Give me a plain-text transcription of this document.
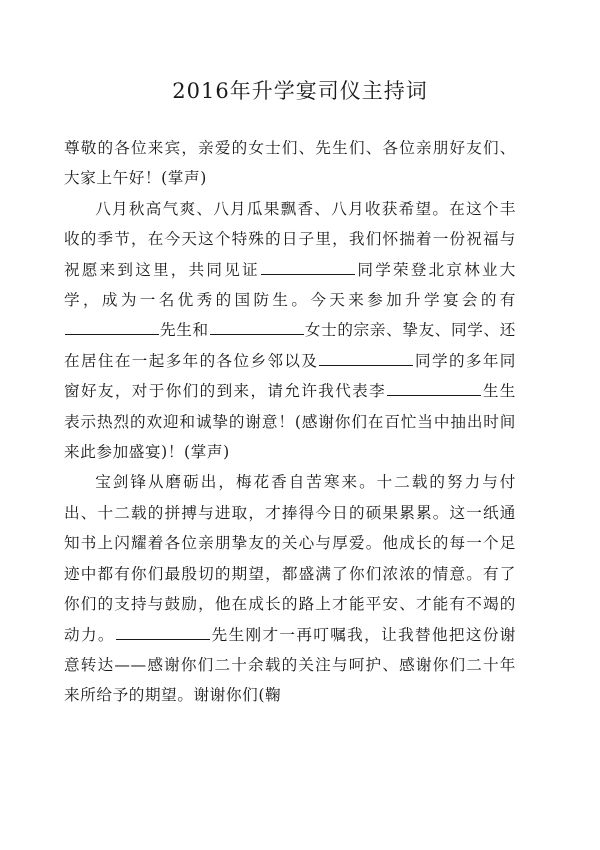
2016年升学宴司仪主持词

尊敬的各位来宾，亲爱的女士们、先生们、各位亲朋好友们、大家上午好！(掌声)

八月秋高气爽、八月瓜果飘香、八月收获希望。在这个丰收的季节，在今天这个特殊的日子里，我们怀揣着一份祝福与祝愿来到这里，共同见证	同学荣登北京林业大学，成为一名优秀的国防生。今天来参加升学宴会的有先生和	女士的宗亲、挚友、同学、还在居住在一起多年的各位乡邻以及	同学的多年同窗好友，对于你们的到来，请允许我代表李	生生表示热烈的欢迎和诚挚的谢意！(感谢你们在百忙当中抽出时间来此参加盛宴)！(掌声)

宝剑锋从磨砺出，梅花香自苦寒来。十二载的努力与付出、十二载的拼搏与进取，才捧得今日的硕果累累。这一纸通知书上闪耀着各位亲朋挚友的关心与厚爱。他成长的每一个足迹中都有你们最殷切的期望，都盛满了你们浓浓的情意。有了你们的支持与鼓励，他在成长的路上才能平安、才能有不竭的动力。	先生刚才一再叮嘱我，让我替他把这份谢意转达——感谢你们二十余载的关注与呵护、感谢你们二十年来所给予的期望。谢谢你们(鞠
